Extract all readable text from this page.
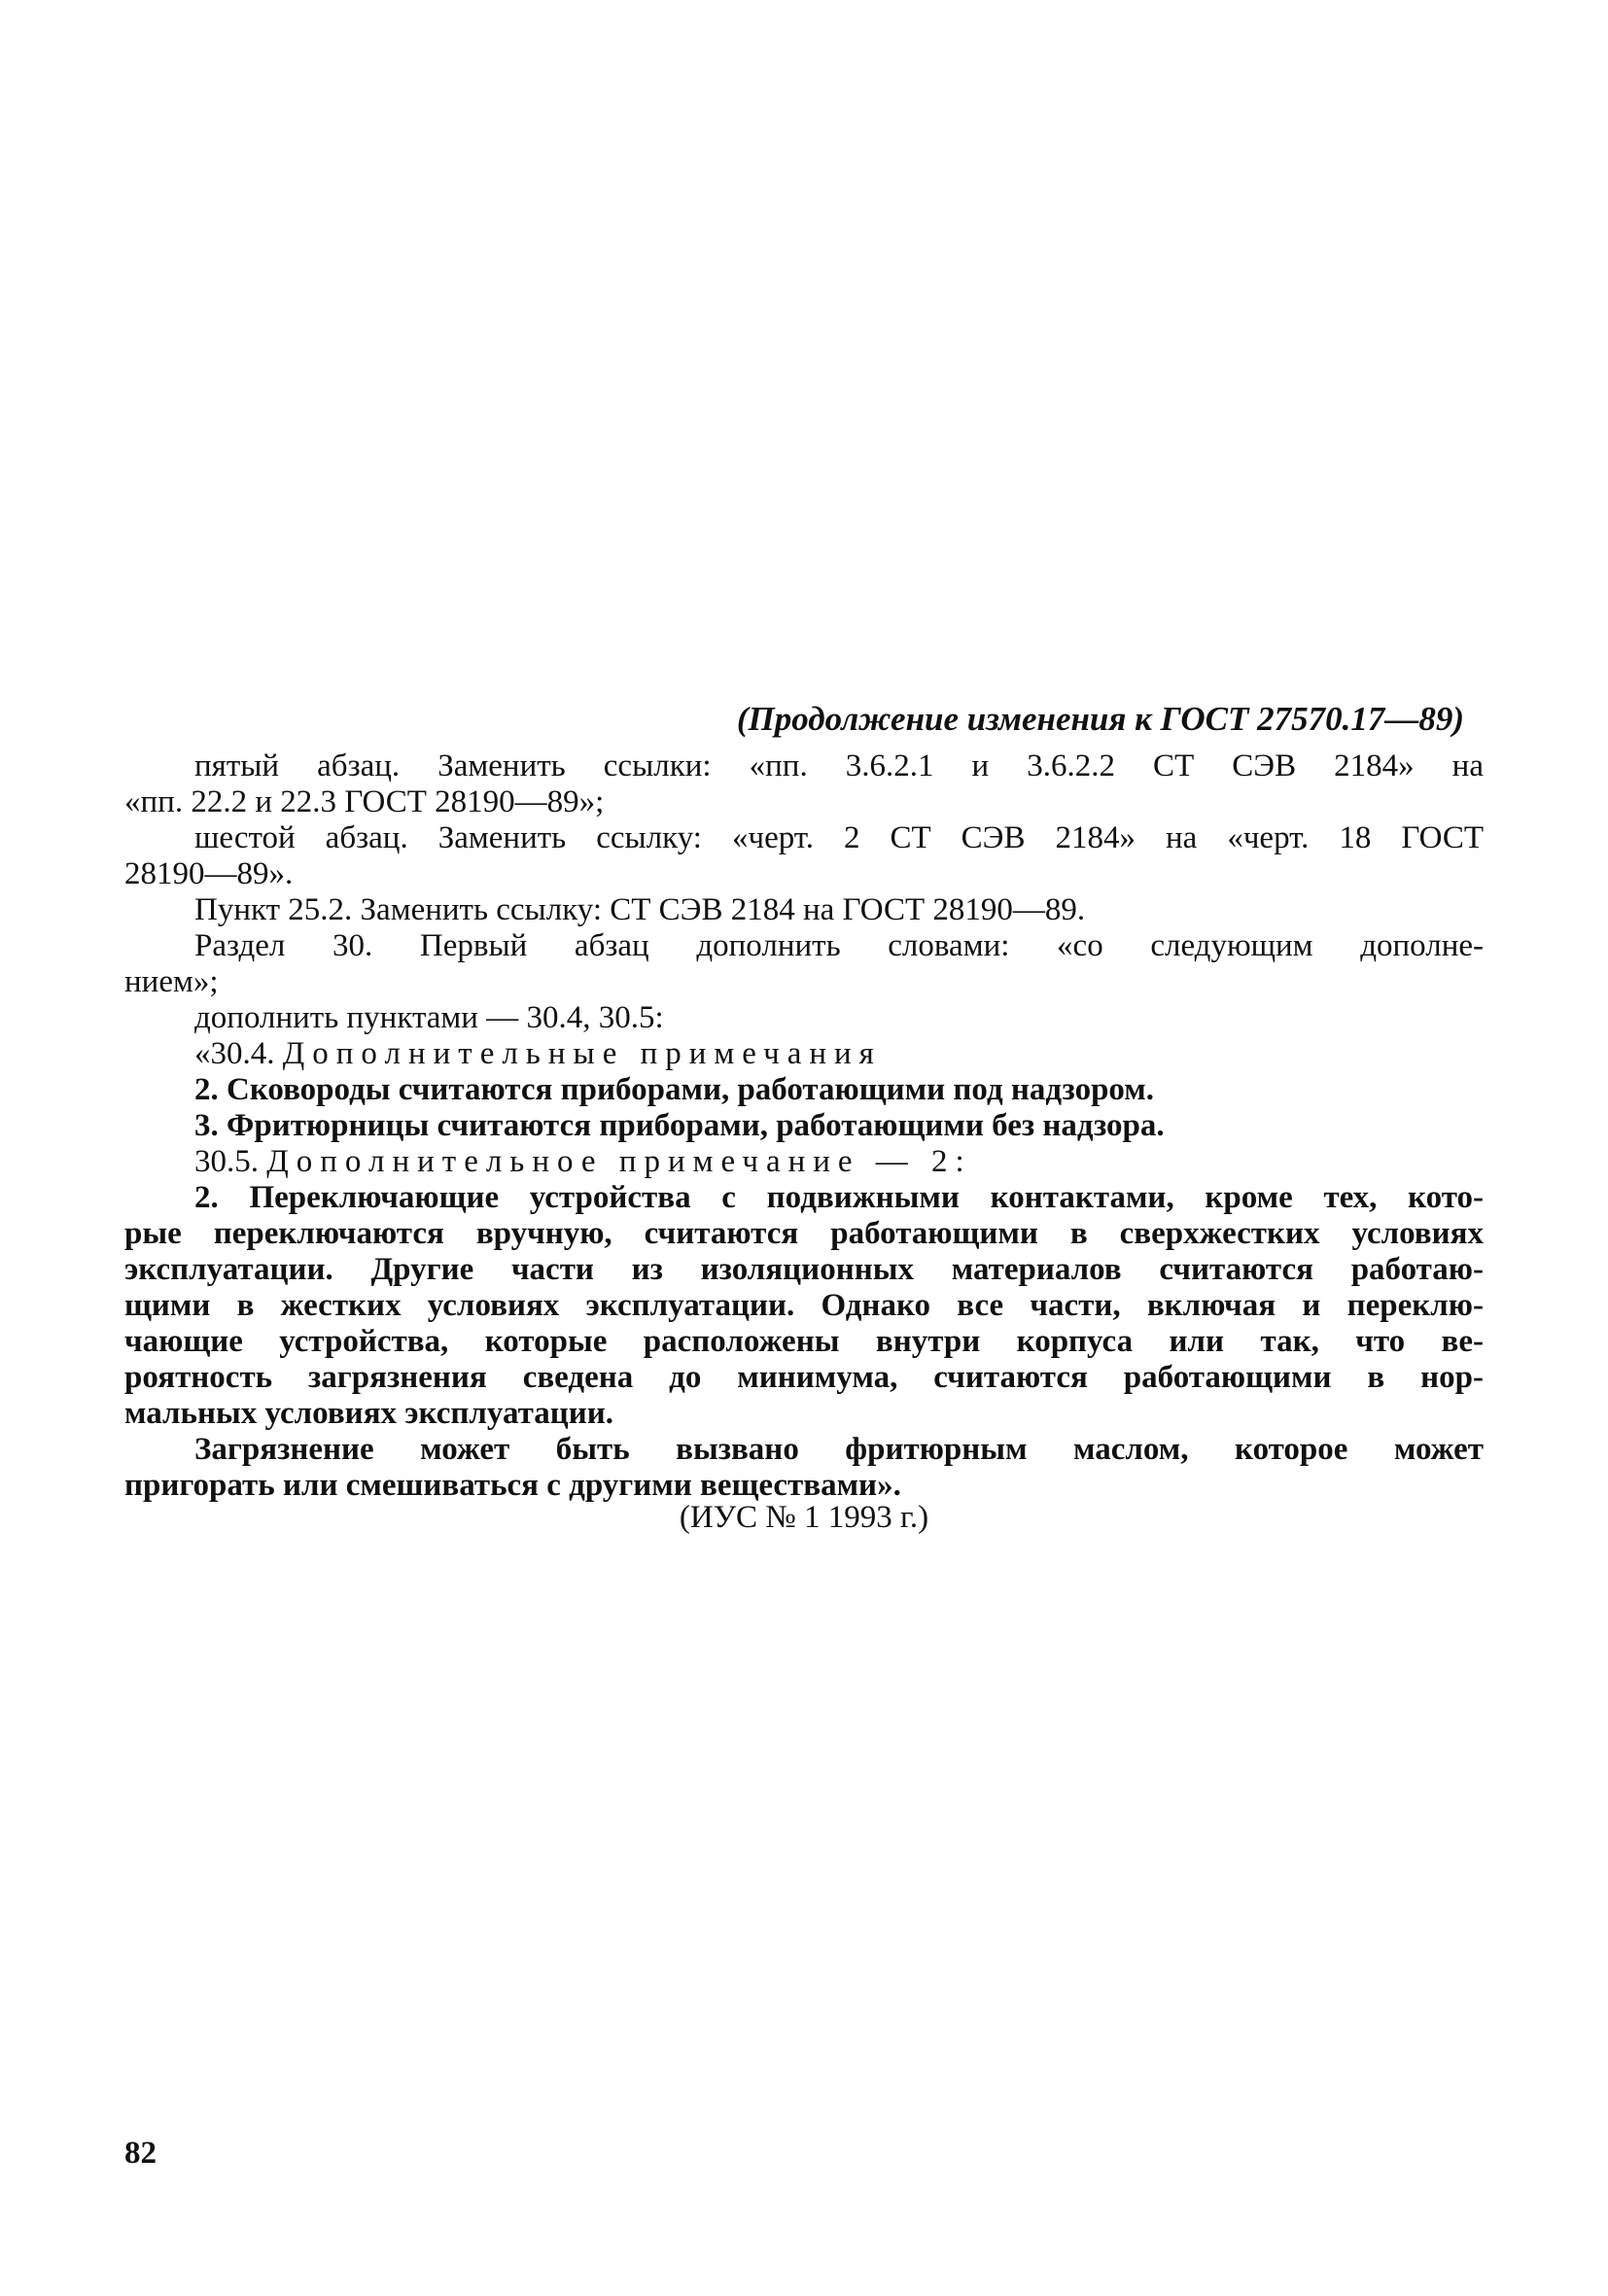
(Продолжение изменения к ГОСТ 27570.17—89)

пятый абзац. Заменить ссылки: «пп. 3.6.2.1 и 3.6.2.2 СТ СЭВ 2184» на

«пп. 22.2 и 22.3 ГОСТ 28190—89»;

шестой абзац. Заменить ссылку: «черт. 2 СТ СЭВ 2184» на «черт. 18 ГОСТ

28190—89».

Пункт 25.2. Заменить ссылку: СТ СЭВ 2184 на ГОСТ 28190—89.

Раздел 30. Первый абзац дополнить словами: «со следующим дополне-

нием»;

дополнить пунктами — 30.4, 30.5:

«30.4. Дополнительные примечания

2. Сковороды считаются приборами, работающими под надзором.

3. Фритюрницы считаются приборами, работающими без надзора.

30.5. Дополнительное примечание — 2:

2. Переключающие устройства с подвижными контактами, кроме тех, кото-

рые переключаются вручную, считаются работающими в сверхжестких условиях

эксплуатации. Другие части из изоляционных материалов считаются работаю-

щими в жестких условиях эксплуатации. Однако все части, включая и переклю-

чающие устройства, которые расположены внутри корпуса или так, что ве-

роятность загрязнения сведена до минимума, считаются работающими в нор-

мальных условиях эксплуатации.

Загрязнение может быть вызвано фритюрным маслом, которое может

пригорать или смешиваться с другими веществами».

(ИУС № 1 1993 г.)
82
